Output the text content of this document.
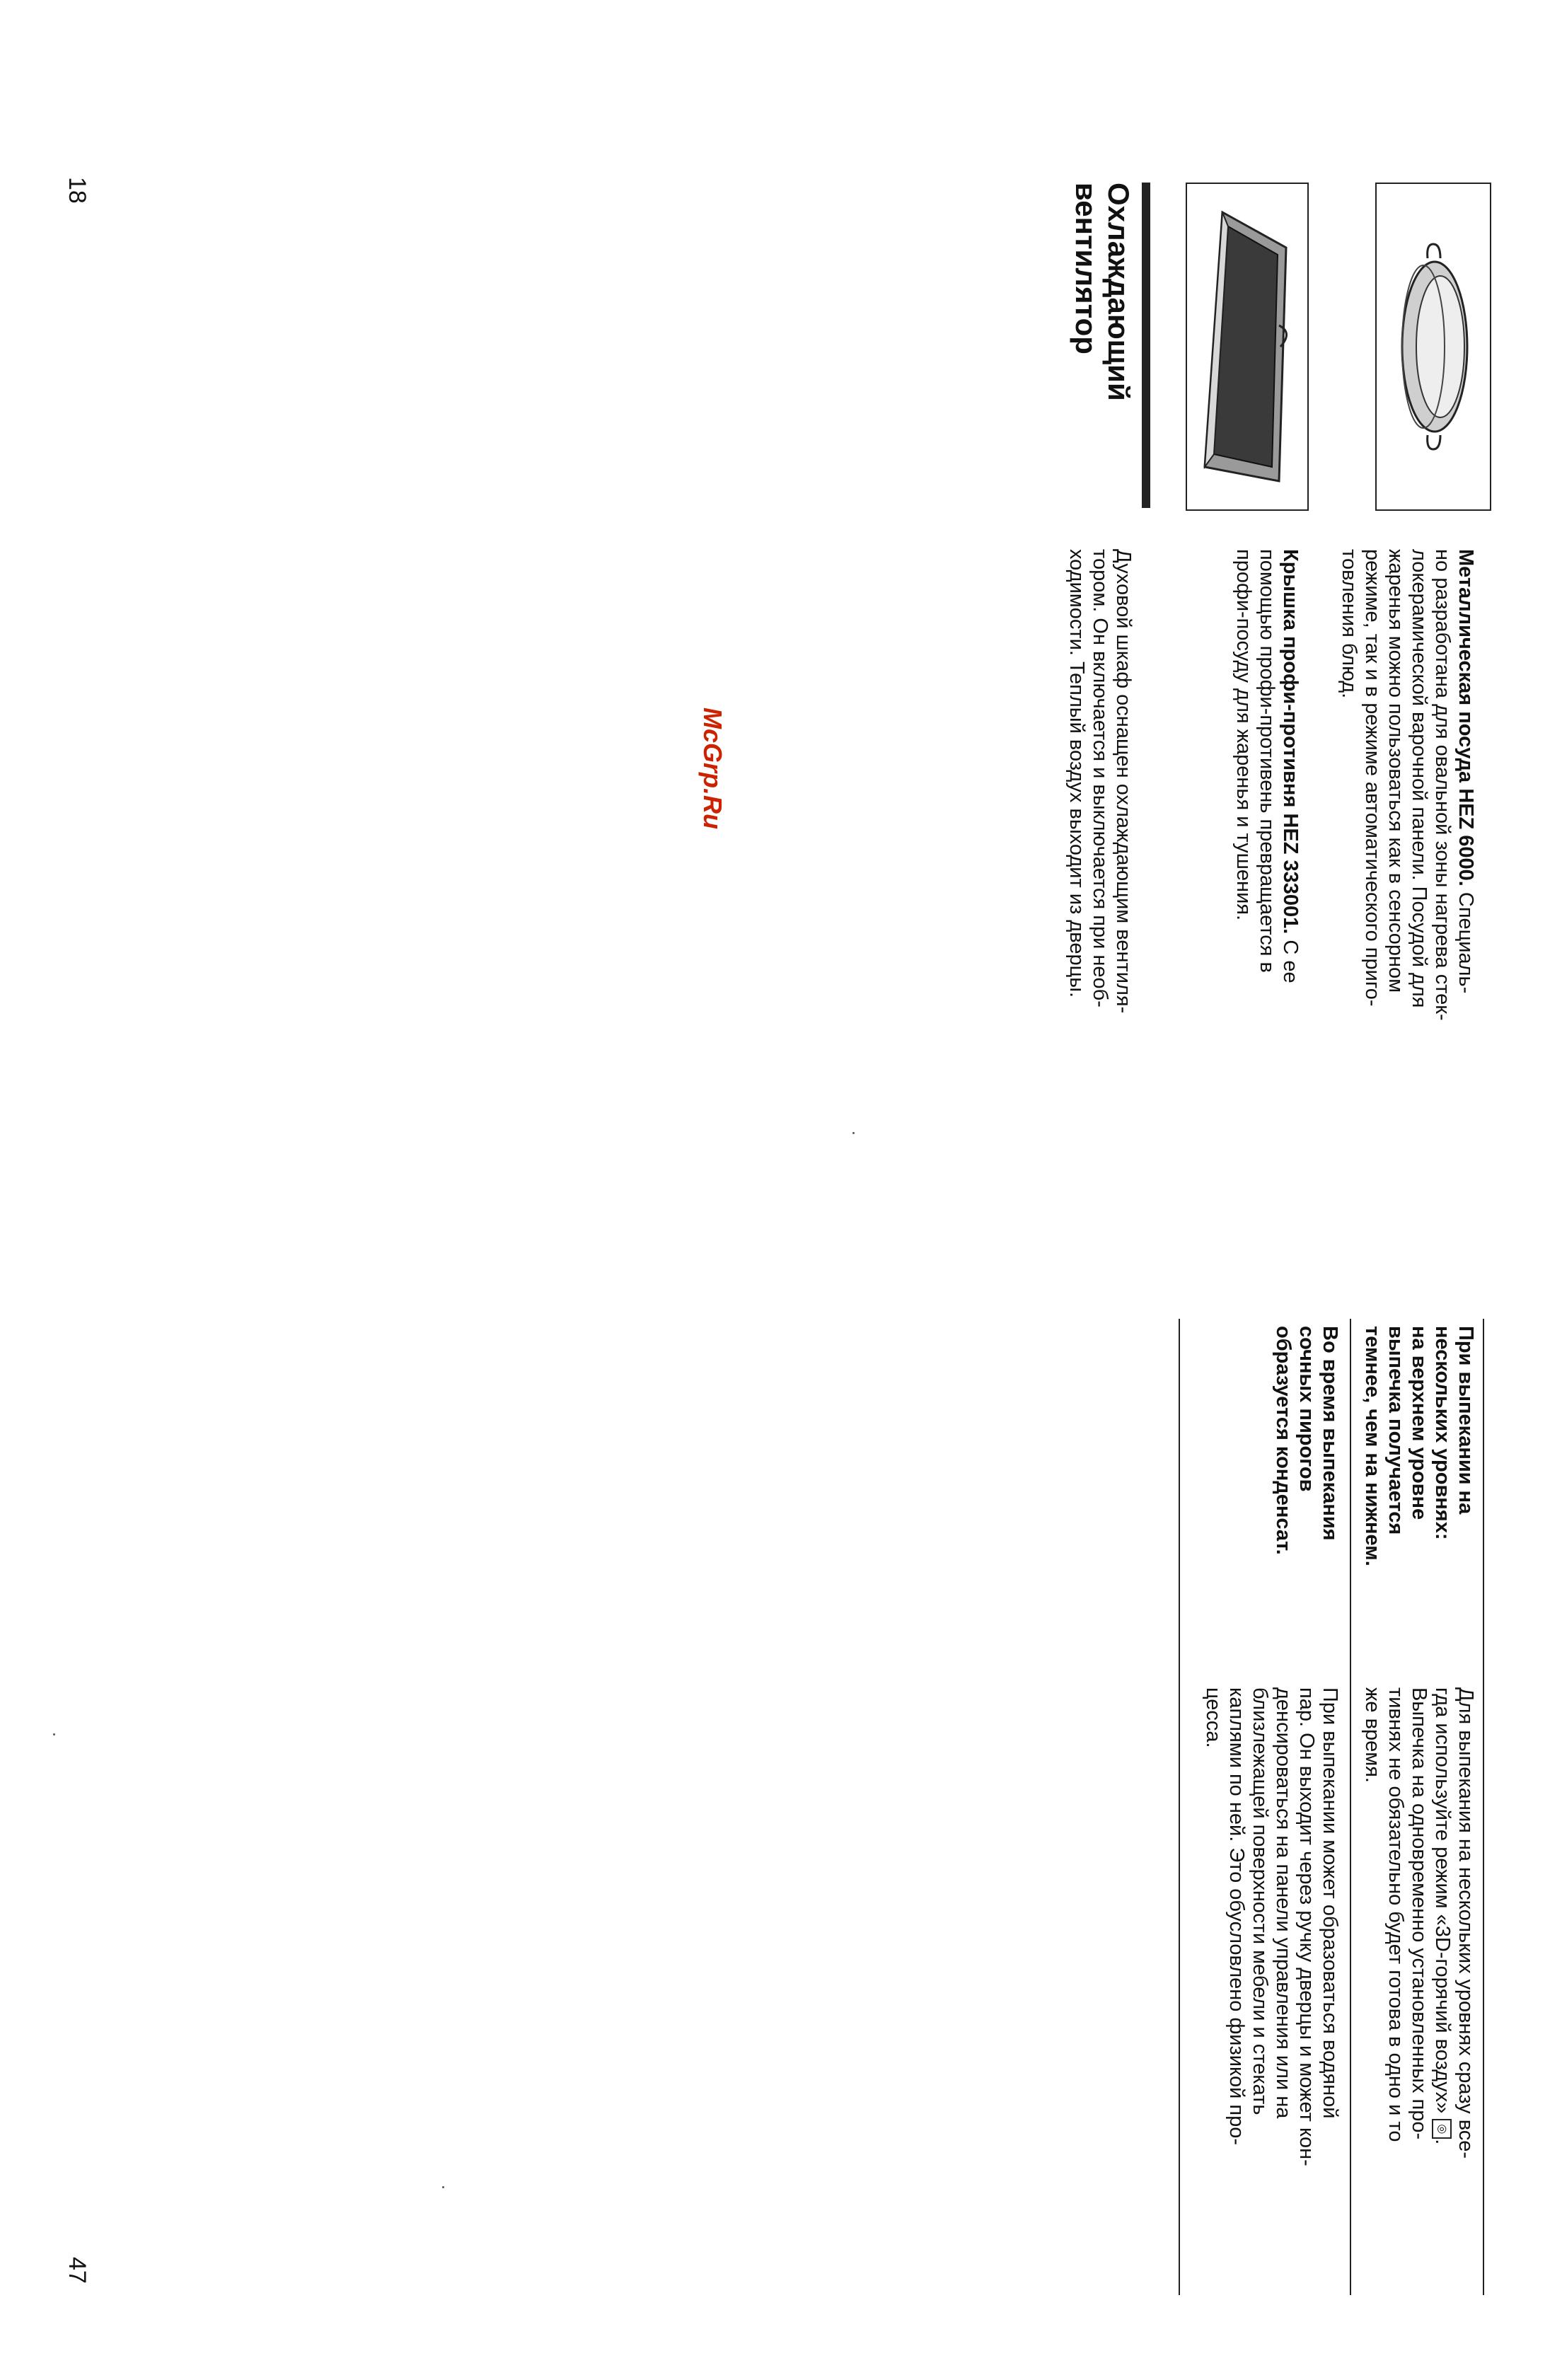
18
Металлическая посуда HEZ 6000. Специаль-
но разработана для овальной зоны нагрева стек-
локерамической варочной панели. Посудой для
жаренья можно пользоваться как в сенсорном
режиме, так и в режиме автоматического приго-
товления блюд.
Крышка профи-противня HEZ 333001. С ее
помощью профи-противень превращается в
профи-посуду для жаренья и тушения.
Охлаждающий
вентилятор
Духовой шкаф оснащен охлаждающим вентиля-
тором. Он включается и выключается при необ-
ходимости. Теплый воздух выходит из дверцы.
McGrp.Ru
При выпекании на
нескольких уровнях:
на верхнем уровне
выпечка получается
темнее, чем на нижнем.
Для выпекания на нескольких уровнях сразу все-
гда используйте режим «3D-горячий воздух» ◎.
Выпечка на одновременно установленных про-
тивнях не обязательно будет готова в одно и то
же время.
Во время выпекания
сочных пирогов
образуется конденсат.
При выпекании может образоваться водяной
пар. Он выходит через ручку дверцы и может кон-
денсироваться на панели управления или на
близлежащей поверхности мебели и стекать
каплями по ней. Это обусловлено физикой про-
цесса.
47
